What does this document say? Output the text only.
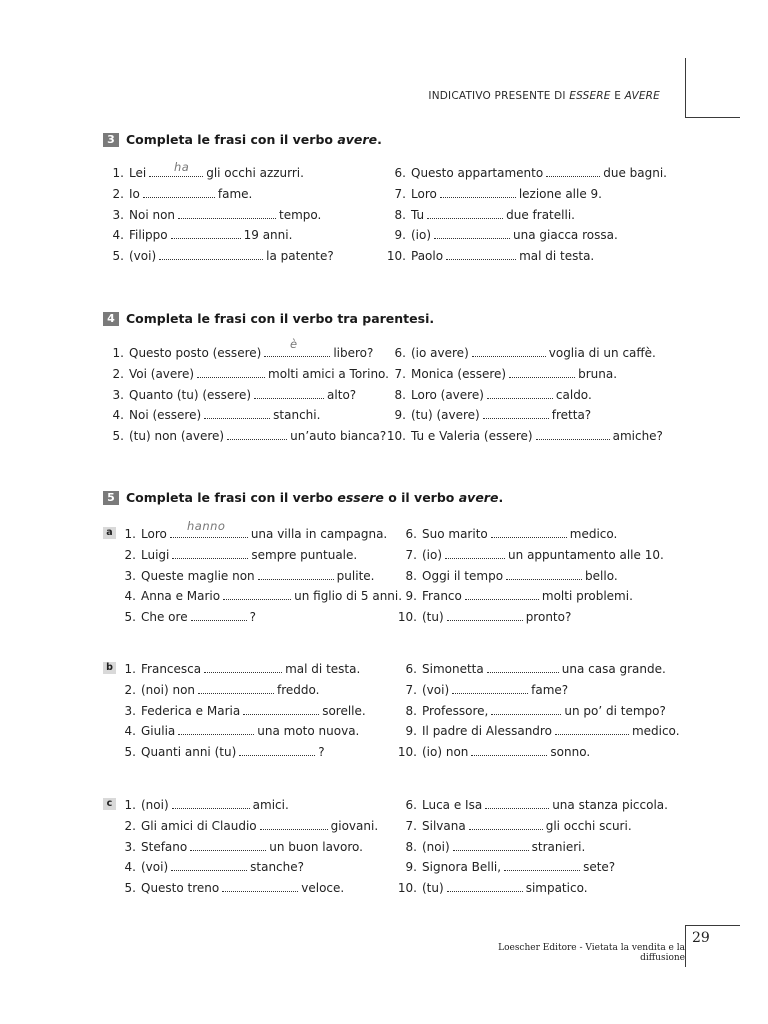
INDICATIVO PRESENTE DI ESSERE E AVERE
3 Completa le frasi con il verbo avere.
ha
1. Lei	gli occhi azzurri.
2. Io	fame.
3. Noi non	tempo.
4. Filippo	19 anni.
5. (voi)	la patente?
6. Questo appartamento	due bagni.
7. Loro	lezione alle 9.
8. Tu	due fratelli.
9. (io)	una giacca rossa.
10. Paolo	mal di testa.
4 Completa le frasi con il verbo tra parentesi.
è
1. Questo posto (essere)	libero?
2. Voi (avere)	molti amici a Torino.
3. Quanto (tu) (essere)	alto?
4. Noi (essere)	stanchi.
5. (tu) non (avere)	un’auto bianca?
6. (io avere)	voglia di un caffè.
7. Monica (essere)	bruna.
8. Loro (avere)	caldo.
9. (tu) (avere)	fretta?
10. Tu e Valeria (essere)	amiche?
5 Completa le frasi con il verbo essere o il verbo avere.
a
b
c
hanno
1. Loro	una villa in campagna.
2. Luigi	sempre puntuale.
3. Queste maglie non	pulite.
4. Anna e Mario	un figlio di 5 anni.
5. Che ore	?
6. Suo marito	medico.
7. (io)	un appuntamento alle 10.
8. Oggi il tempo	bello.
9. Franco	molti problemi.
10. (tu)	pronto?
1. Francesca	mal di testa.
2. (noi) non	freddo.
3. Federica e Maria	sorelle.
4. Giulia	una moto nuova.
5. Quanti anni (tu)	?
6. Simonetta	una casa grande.
7. (voi)	fame?
8. Professore,	un po’ di tempo?
9. Il padre di Alessandro	medico.
10. (io) non	sonno.
1. (noi)	amici.
2. Gli amici di Claudio	giovani.
3. Stefano	un buon lavoro.
4. (voi)	stanche?
5. Questo treno	veloce.
6. Luca e Isa	una stanza piccola.
7. Silvana	gli occhi scuri.
8. (noi)	stranieri.
9. Signora Belli,	sete?
10. (tu)	simpatico.
Loescher Editore - Vietata la vendita e la diffusione
29
